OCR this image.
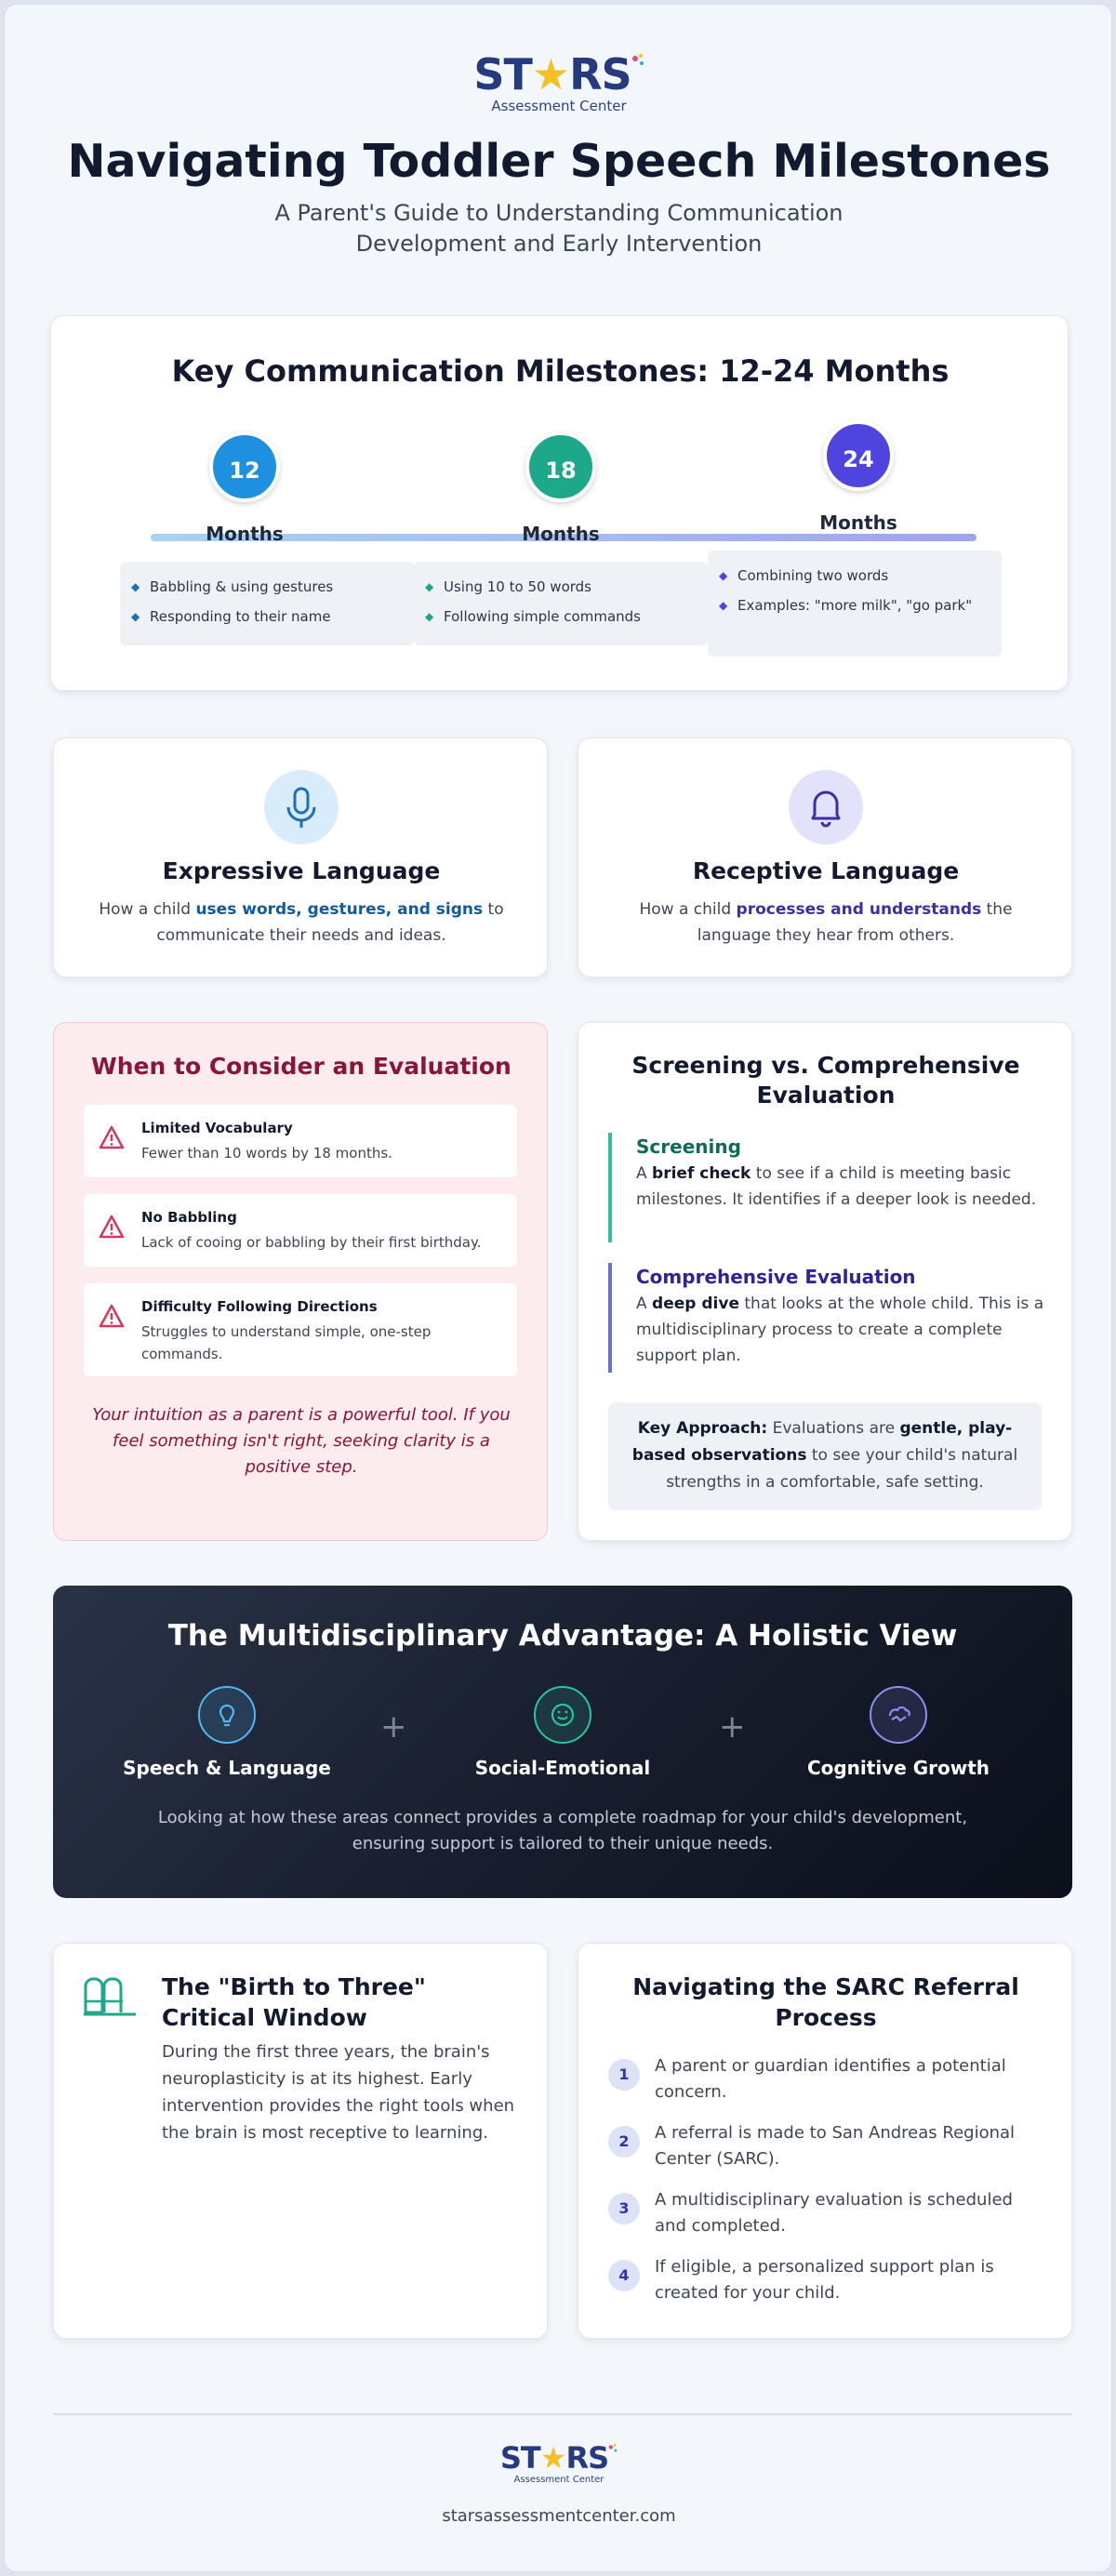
ST★RS
Assessment Center
Navigating Toddler Speech Milestones
A Parent's Guide to Understanding Communication Development and Early Intervention
Key Communication Milestones: 12-24 Months
12
Months
◆ Babbling & using gestures
◆ Responding to their name
18
Months
◆ Using 10 to 50 words
◆ Following simple commands
24
Months
◆ Combining two words
◆ Examples: "more milk", "go park"
Expressive Language
How a child uses words, gestures, and signs to communicate their needs and ideas.
Receptive Language
How a child processes and understands the language they hear from others.
When to Consider an Evaluation
Limited Vocabulary
Fewer than 10 words by 18 months.
No Babbling
Lack of cooing or babbling by their first birthday.
Difficulty Following Directions
Struggles to understand simple, one-step commands.
Your intuition as a parent is a powerful tool. If you feel something isn't right, seeking clarity is a positive step.
Screening vs. Comprehensive Evaluation
Screening
A brief check to see if a child is meeting basic milestones. It identifies if a deeper look is needed.
Comprehensive Evaluation
A deep dive that looks at the whole child. This is a multidisciplinary process to create a complete support plan.
Key Approach: Evaluations are gentle, play-based observations to see your child's natural strengths in a comfortable, safe setting.
The Multidisciplinary Advantage: A Holistic View
Speech & Language
+
Social-Emotional
+
Cognitive Growth
Looking at how these areas connect provides a complete roadmap for your child's development, ensuring support is tailored to their unique needs.
The "Birth to Three" Critical Window
During the first three years, the brain's neuroplasticity is at its highest. Early intervention provides the right tools when the brain is most receptive to learning.
Navigating the SARC Referral Process
1	A parent or guardian identifies a potential concern.
2	A referral is made to San Andreas Regional Center (SARC).
3	A multidisciplinary evaluation is scheduled and completed.
4	If eligible, a personalized support plan is created for your child.
ST★RS
Assessment Center
starsassessmentcenter.com
